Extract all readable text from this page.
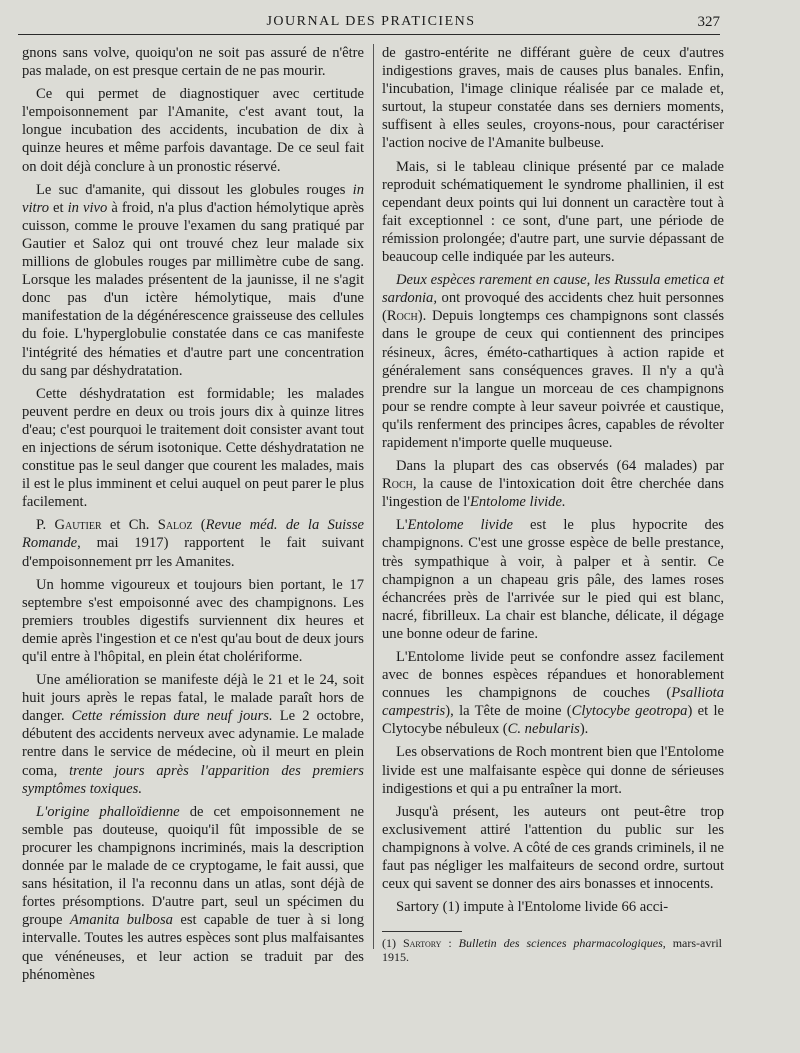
JOURNAL DES PRATICIENS	327

gnons sans volve, quoiqu'on ne soit pas assuré de n'être pas malade, on est presque certain de ne pas mourir.

Ce qui permet de diagnostiquer avec certitude l'empoisonnement par l'Amanite, c'est avant tout, la longue incubation des accidents, incubation de dix à quinze heures et même parfois davantage. De ce seul fait on doit déjà conclure à un pronostic réservé.

Le suc d'amanite, qui dissout les globules rouges in vitro et in vivo à froid, n'a plus d'action hémolytique après cuisson, comme le prouve l'examen du sang pratiqué par Gautier et Saloz qui ont trouvé chez leur malade six millions de globules rouges par millimètre cube de sang. Lorsque les malades présentent de la jaunisse, il ne s'agit donc pas d'un ictère hémolytique, mais d'une manifestation de la dégénérescence graisseuse des cellules du foie. L'hyperglobulie constatée dans ce cas manifeste l'intégrité des hématies et d'autre part une concentration du sang par déshydratation.

Cette déshydratation est formidable; les malades peuvent perdre en deux ou trois jours dix à quinze litres d'eau; c'est pourquoi le traitement doit consister avant tout en injections de sérum isotonique. Cette déshydratation ne constitue pas le seul danger que courent les malades, mais il est le plus imminent et celui auquel on peut parer le plus facilement.

P. Gautier et Ch. Saloz (Revue méd. de la Suisse Romande, mai 1917) rapportent le fait suivant d'empoisonnement prr les Amanites.

Un homme vigoureux et toujours bien portant, le 17 septembre s'est empoisonné avec des champignons. Les premiers troubles digestifs surviennent dix heures et demie après l'ingestion et ce n'est qu'au bout de deux jours qu'il entre à l'hôpital, en plein état cholériforme.

Une amélioration se manifeste déjà le 21 et le 24, soit huit jours après le repas fatal, le malade paraît hors de danger. Cette rémission dure neuf jours. Le 2 octobre, débutent des accidents nerveux avec adynamie. Le malade rentre dans le service de médecine, où il meurt en plein coma, trente jours après l'apparition des premiers symptômes toxiques.

L'origine phalloïdienne de cet empoisonnement ne semble pas douteuse, quoiqu'il fût impossible de se procurer les champignons incriminés, mais la description donnée par le malade de ce cryptogame, le fait aussi, que sans hésitation, il l'a reconnu dans un atlas, sont déjà de fortes présomptions. D'autre part, seul un spécimen du groupe Amanita bulbosa est capable de tuer à si long intervalle. Toutes les autres espèces sont plus malfaisantes que vénéneuses, et leur action se traduit par des phénomènes

de gastro-entérite ne différant guère de ceux d'autres indigestions graves, mais de causes plus banales. Enfin, l'incubation, l'image clinique réalisée par ce malade et, surtout, la stupeur constatée dans ses derniers moments, suffisent à elles seules, croyons-nous, pour caractériser l'action nocive de l'Amanite bulbeuse.

Mais, si le tableau clinique présenté par ce malade reproduit schématiquement le syndrome phallinien, il est cependant deux points qui lui donnent un caractère tout à fait exceptionnel : ce sont, d'une part, une période de rémission prolongée; d'autre part, une survie dépassant de beaucoup celle indiquée par les auteurs.

Deux espèces rarement en cause, les Russula emetica et sardonia, ont provoqué des accidents chez huit personnes (Roch). Depuis longtemps ces champignons sont classés dans le groupe de ceux qui contiennent des principes résineux, âcres, éméto-cathartiques à action rapide et généralement sans conséquences graves. Il n'y a qu'à prendre sur la langue un morceau de ces champignons pour se rendre compte à leur saveur poivrée et caustique, qu'ils renferment des principes âcres, capables de révolter rapidement n'importe quelle muqueuse.

Dans la plupart des cas observés (64 malades) par Roch, la cause de l'intoxication doit être cherchée dans l'ingestion de l'Entolome livide.

L'Entolome livide est le plus hypocrite des champignons. C'est une grosse espèce de belle prestance, très sympathique à voir, à palper et à sentir. Ce champignon a un chapeau gris pâle, des lames roses échancrées près de l'arrivée sur le pied qui est blanc, nacré, fibrilleux. La chair est blanche, délicate, il dégage une bonne odeur de farine.

L'Entolome livide peut se confondre assez facilement avec de bonnes espèces répandues et honorablement connues les champignons de couches (Psalliota campestris), la Tête de moine (Clytocybe geotropa) et le Clytocybe nébuleux (C. nebularis).

Les observations de Roch montrent bien que l'Entolome livide est une malfaisante espèce qui donne de sérieuses indigestions et qui a pu entraîner la mort.

Jusqu'à présent, les auteurs ont peut-être trop exclusivement attiré l'attention du public sur les champignons à volve. A côté de ces grands criminels, il ne faut pas négliger les malfaiteurs de second ordre, surtout ceux qui savent se donner des airs bonasses et innocents.

Sartory (1) impute à l'Entolome livide 66 acci-

(1) Sartory : Bulletin des sciences pharmacologiques, mars-avril 1915.
